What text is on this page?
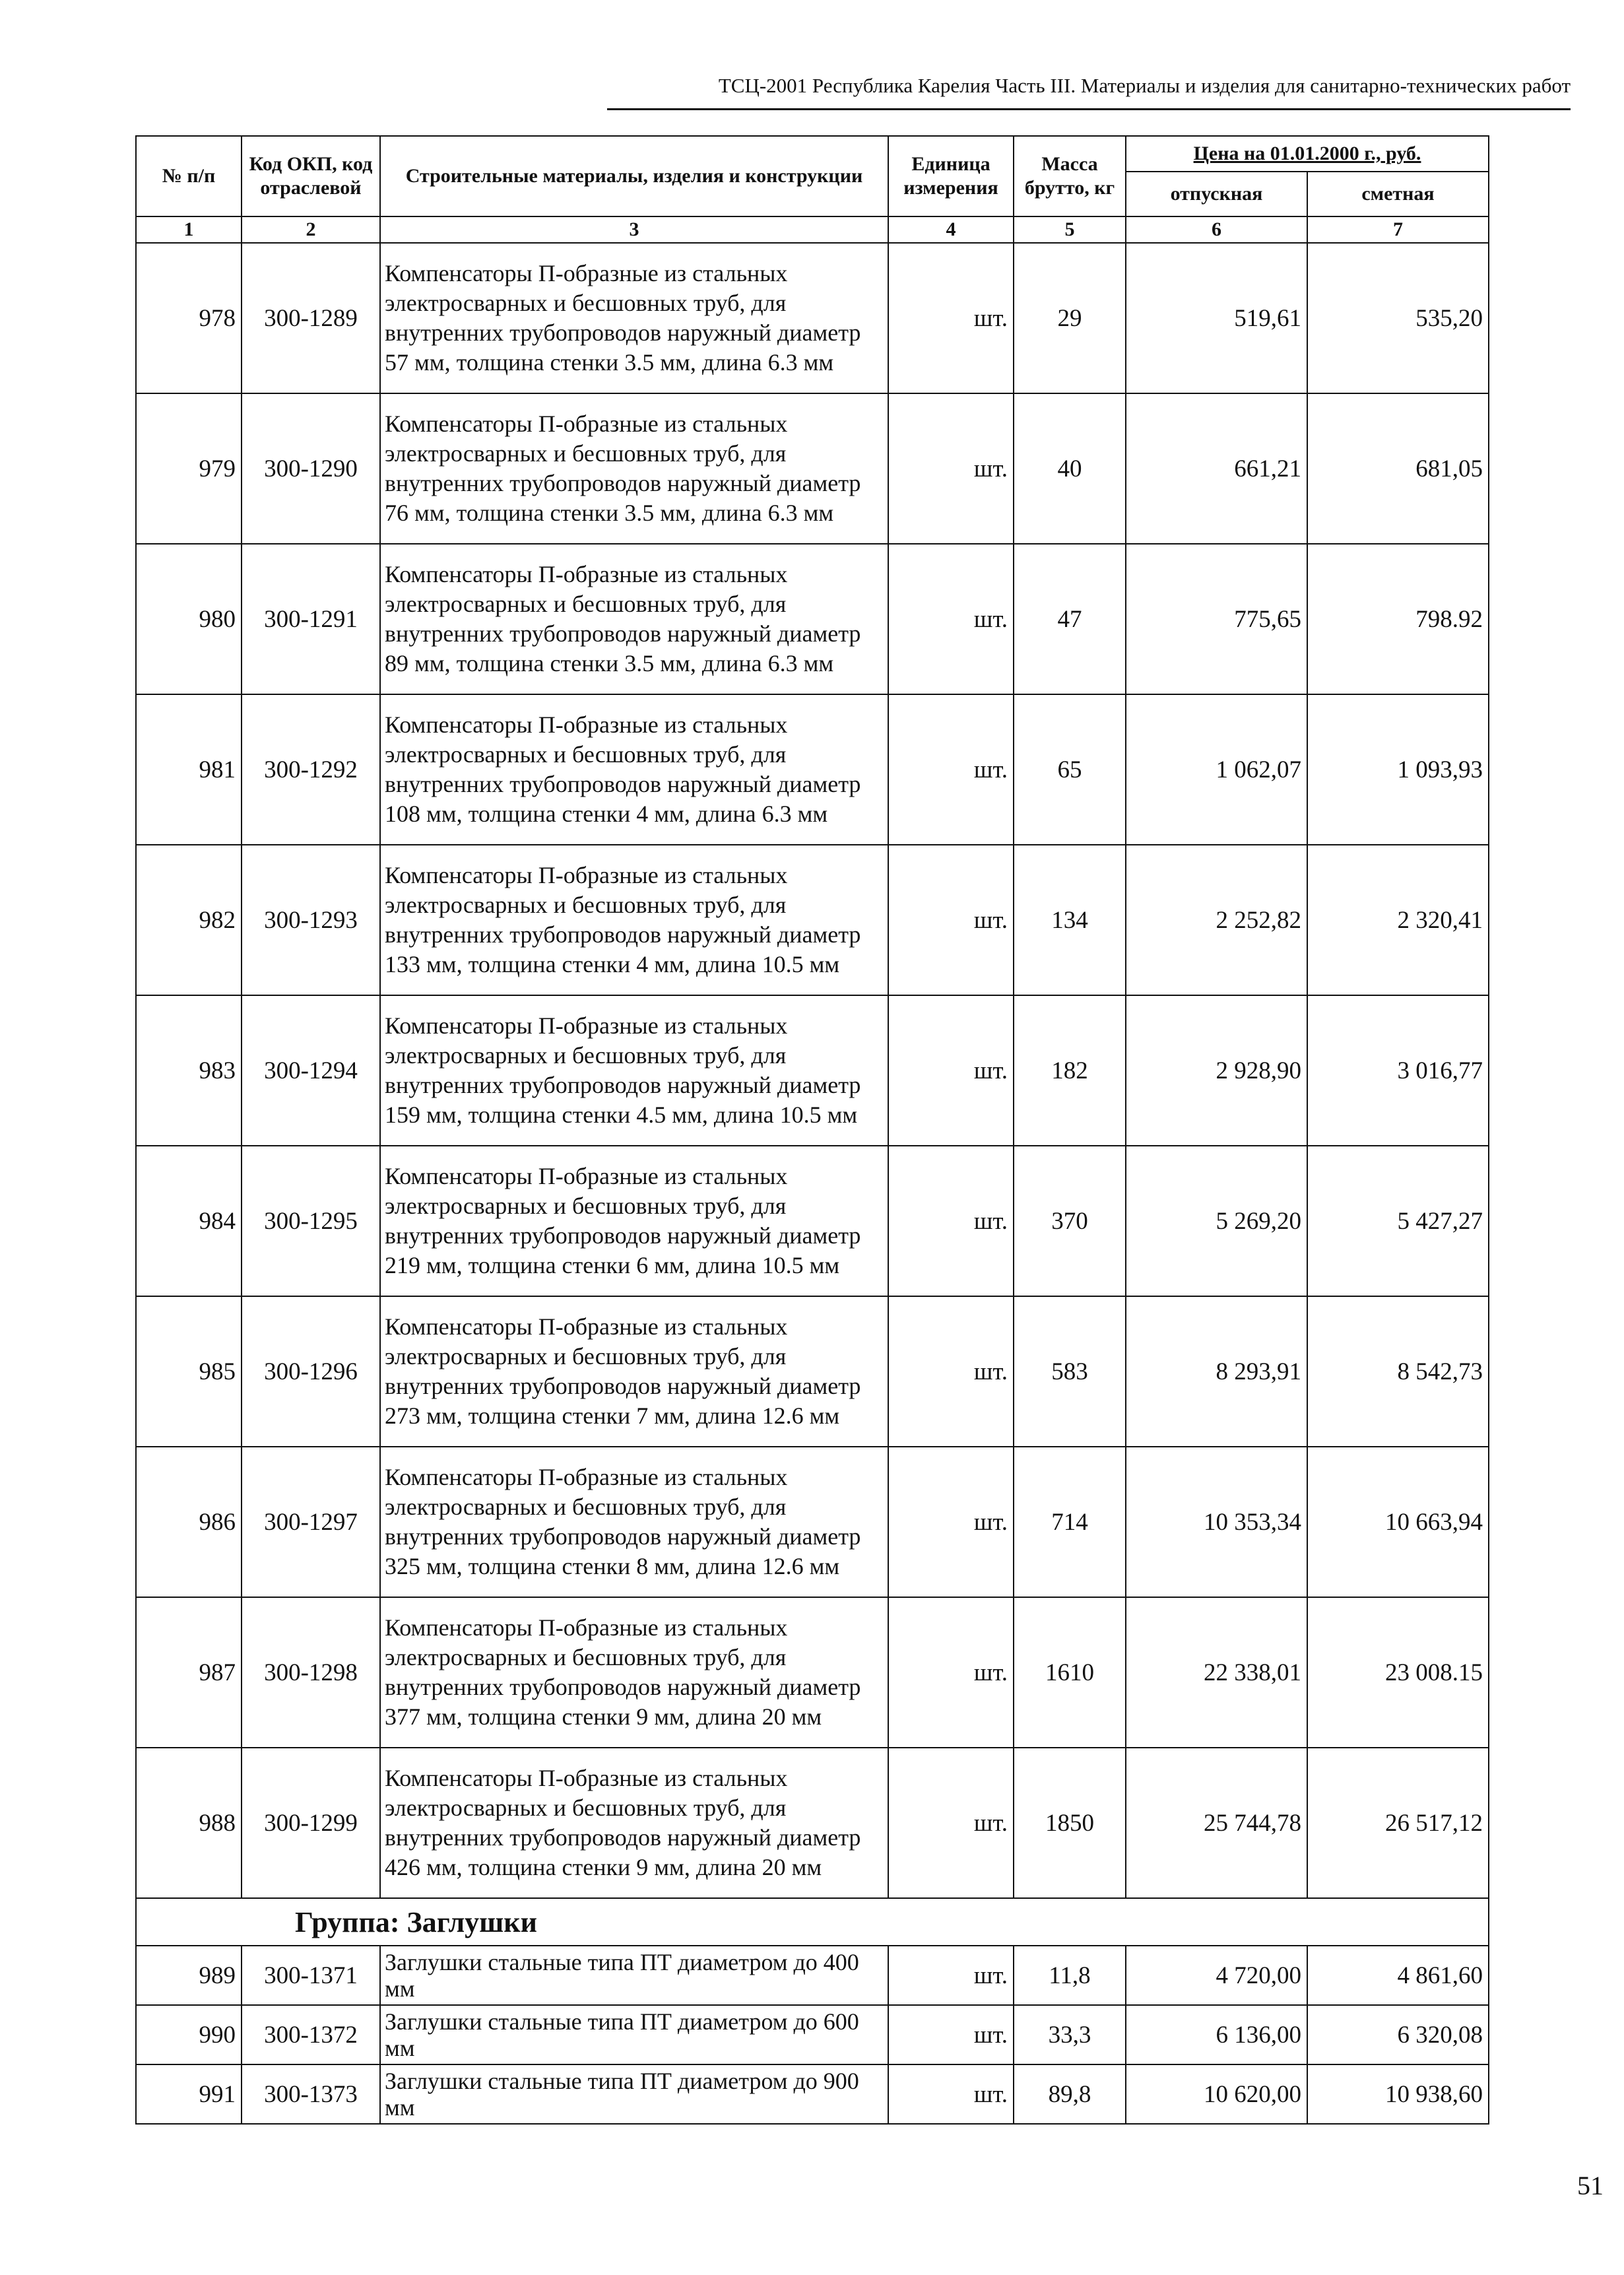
ТСЦ-2001 Республика Карелия Часть III. Материалы и изделия для санитарно-технических работ
№ п/п	Код ОКП, код отраслевой	Строительные материалы, изделия и конструкции	Единица измерения	Масса брутто, кг	Цена на 01.01.2000 г., руб.	
					отпускная	сметная
1	2	3	4	5	6	7
978	300-1289	Компенсаторы П-образные из стальных электросварных и бесшовных труб, для внутренних трубопроводов наружный диаметр 57 мм, толщина стенки 3.5 мм, длина 6.3 мм	шт.	29	519,61	535,20
979	300-1290	Компенсаторы П-образные из стальных электросварных и бесшовных труб, для внутренних трубопроводов наружный диаметр 76 мм, толщина стенки 3.5 мм, длина 6.3 мм	шт.	40	661,21	681,05
980	300-1291	Компенсаторы П-образные из стальных электросварных и бесшовных труб, для внутренних трубопроводов наружный диаметр 89 мм, толщина стенки 3.5 мм, длина 6.3 мм	шт.	47	775,65	798.92
981	300-1292	Компенсаторы П-образные из стальных электросварных и бесшовных труб, для внутренних трубопроводов наружный диаметр 108 мм, толщина стенки 4 мм, длина 6.3 мм	шт.	65	1 062,07	1 093,93
982	300-1293	Компенсаторы П-образные из стальных электросварных и бесшовных труб, для внутренних трубопроводов наружный диаметр 133 мм, толщина стенки 4 мм, длина 10.5 мм	шт.	134	2 252,82	2 320,41
983	300-1294	Компенсаторы П-образные из стальных электросварных и бесшовных труб, для внутренних трубопроводов наружный диаметр 159 мм, толщина стенки 4.5 мм, длина 10.5 мм	шт.	182	2 928,90	3 016,77
984	300-1295	Компенсаторы П-образные из стальных электросварных и бесшовных труб, для внутренних трубопроводов наружный диаметр 219 мм, толщина стенки 6 мм, длина 10.5 мм	шт.	370	5 269,20	5 427,27
985	300-1296	Компенсаторы П-образные из стальных электросварных и бесшовных труб, для внутренних трубопроводов наружный диаметр 273 мм, толщина стенки 7 мм, длина 12.6 мм	шт.	583	8 293,91	8 542,73
986	300-1297	Компенсаторы П-образные из стальных электросварных и бесшовных труб, для внутренних трубопроводов наружный диаметр 325 мм, толщина стенки 8 мм, длина 12.6 мм	шт.	714	10 353,34	10 663,94
987	300-1298	Компенсаторы П-образные из стальных электросварных и бесшовных труб, для внутренних трубопроводов наружный диаметр 377 мм, толщина стенки 9 мм, длина 20 мм	шт.	1610	22 338,01	23 008.15
988	300-1299	Компенсаторы П-образные из стальных электросварных и бесшовных труб, для внутренних трубопроводов наружный диаметр 426 мм, толщина стенки 9 мм, длина 20 мм	шт.	1850	25 744,78	26 517,12
Группа: Заглушки						
989	300-1371	Заглушки стальные типа ПТ диаметром до 400 мм	шт.	11,8	4 720,00	4 861,60
990	300-1372	Заглушки стальные типа ПТ диаметром до 600 мм	шт.	33,3	6 136,00	6 320,08
991	300-1373	Заглушки стальные типа ПТ диаметром до 900 мм	шт.	89,8	10 620,00	10 938,60
51
